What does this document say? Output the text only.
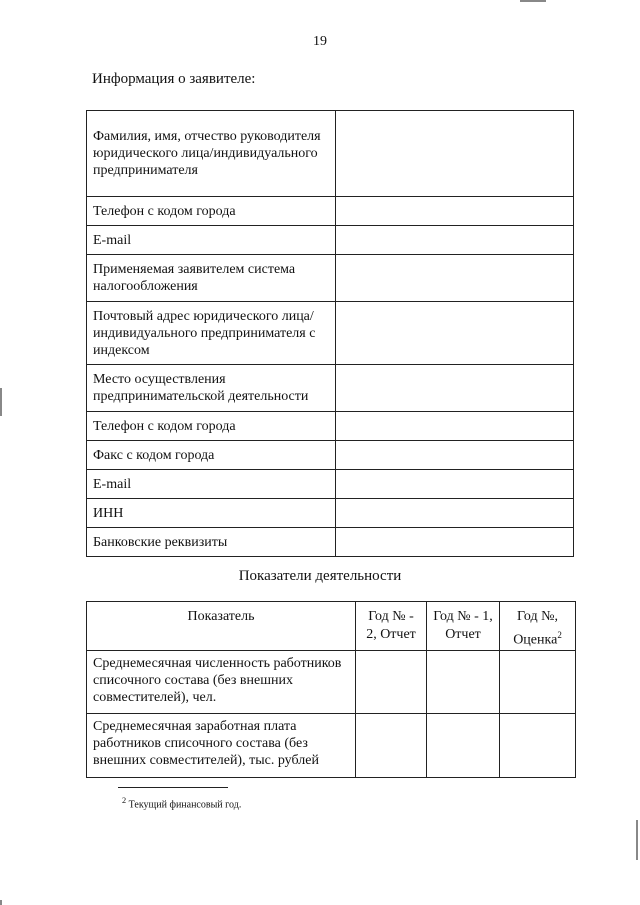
19
Информация о заявителе:
Фамилия, имя, отчество руководителя юридического лица/индивидуального предпринимателя	
Телефон с кодом города	
E-mail	
Применяемая заявителем система налогообложения	
Почтовый адрес юридического лица/индивидуального предпринимателя с индексом	
Место осуществления предпринимательской деятельности	
Телефон с кодом города	
Факс с кодом города	
E-mail	
ИНН	
Банковские реквизиты	
Показатели деятельности
Показатель	Год № - 2, Отчет	Год № - 1, Отчет	Год №, Оценка$^2$
Среднемесячная численность работников списочного состава (без внешних совместителей), чел.			
Среднемесячная заработная плата работников списочного состава (без внешних совместителей), тыс. рублей			
$^2$ Текущий финансовый год.
